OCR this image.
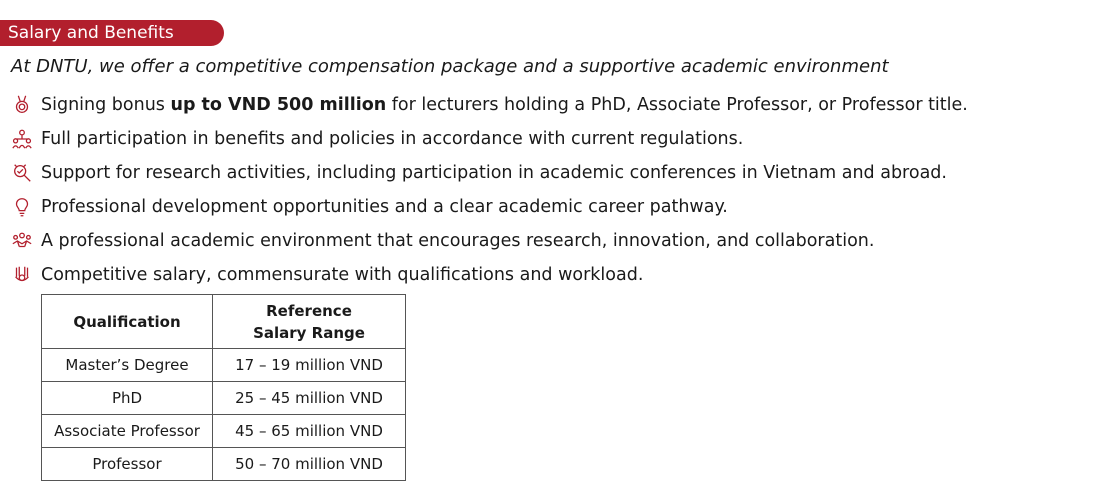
Salary and Benefits
At DNTU, we offer a competitive compensation package and a supportive academic environment
Signing bonus up to VND 500 million for lecturers holding a PhD, Associate Professor, or Professor title.
Full participation in benefits and policies in accordance with current regulations.
Support for research activities, including participation in academic conferences in Vietnam and abroad.
Professional development opportunities and a clear academic career pathway.
A professional academic environment that encourages research, innovation, and collaboration.
Competitive salary, commensurate with qualifications and workload.
Qualification	Reference
Salary Range

Master’s Degree	17 – 19 million VND
PhD	25 – 45 million VND
Associate Professor	45 – 65 million VND
Professor	50 – 70 million VND
